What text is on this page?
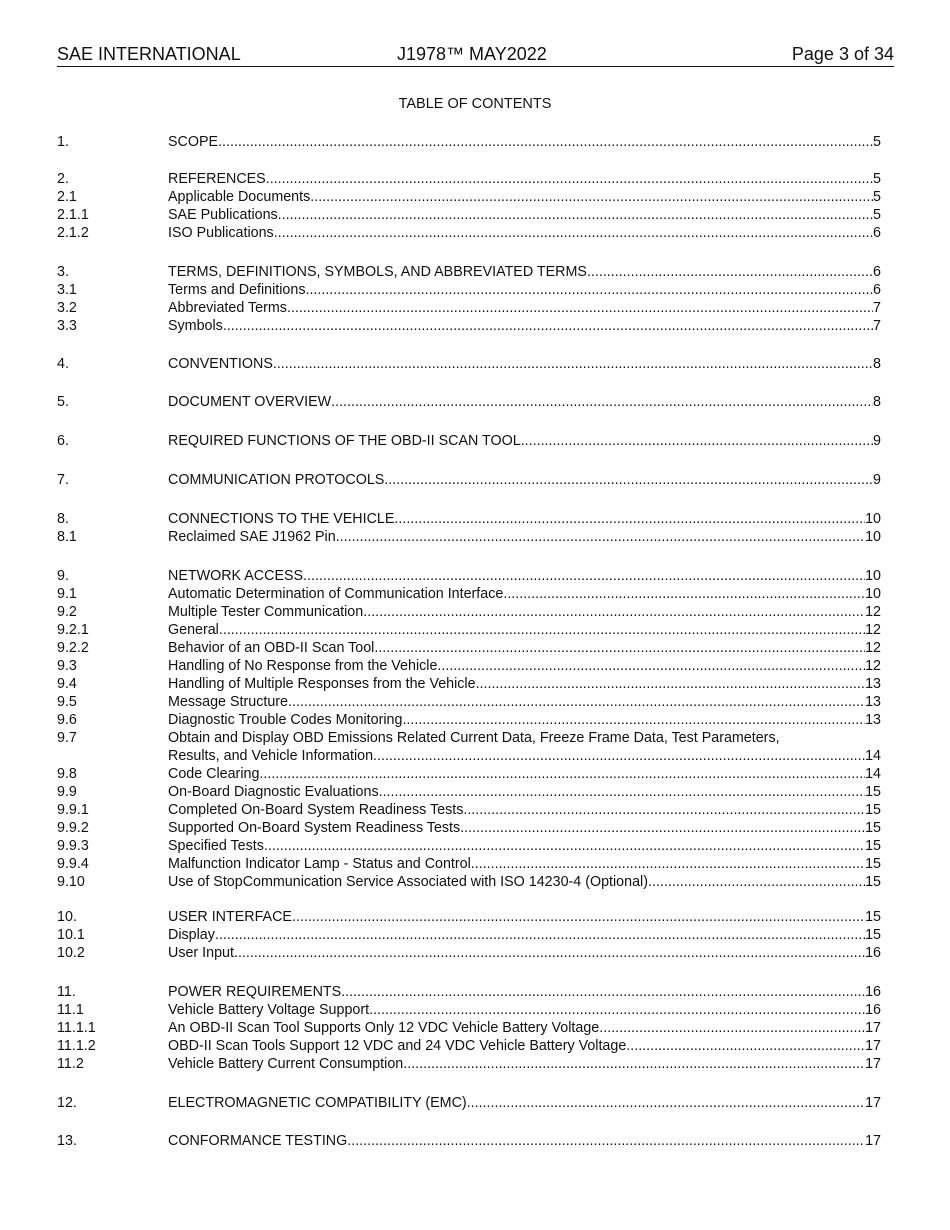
SAE INTERNATIONAL	J1978™ MAY2022	Page 3 of 34
TABLE OF CONTENTS
1.	SCOPE .....	5
2.	REFERENCES .....	5
2.1	Applicable Documents .....	5
2.1.1	SAE Publications .....	5
2.1.2	ISO Publications .....	6
3.	TERMS, DEFINITIONS, SYMBOLS, AND ABBREVIATED TERMS .....	6
3.1	Terms and Definitions .....	6
3.2	Abbreviated Terms .....	7
3.3	Symbols .....	7
4.	CONVENTIONS .....	8
5.	DOCUMENT OVERVIEW .....	8
6.	REQUIRED FUNCTIONS OF THE OBD-II SCAN TOOL .....	9
7.	COMMUNICATION PROTOCOLS .....	9
8.	CONNECTIONS TO THE VEHICLE .....	10
8.1	Reclaimed SAE J1962 Pin .....	10
9.	NETWORK ACCESS .....	10
9.1	Automatic Determination of Communication Interface .....	10
9.2	Multiple Tester Communication .....	12
9.2.1	General .....	12
9.2.2	Behavior of an OBD-II Scan Tool .....	12
9.3	Handling of No Response from the Vehicle .....	12
9.4	Handling of Multiple Responses from the Vehicle .....	13
9.5	Message Structure .....	13
9.6	Diagnostic Trouble Codes Monitoring .....	13
9.7	Obtain and Display OBD Emissions Related Current Data, Freeze Frame Data, Test Parameters,
Results, and Vehicle Information .....	14
9.8	Code Clearing .....	14
9.9	On-Board Diagnostic Evaluations .....	15
9.9.1	Completed On-Board System Readiness Tests .....	15
9.9.2	Supported On-Board System Readiness Tests .....	15
9.9.3	Specified Tests .....	15
9.9.4	Malfunction Indicator Lamp - Status and Control .....	15
9.10	Use of StopCommunication Service Associated with ISO 14230-4 (Optional) .....	15
10.	USER INTERFACE .....	15
10.1	Display .....	15
10.2	User Input .....	16
11.	POWER REQUIREMENTS .....	16
11.1	Vehicle Battery Voltage Support .....	16
11.1.1	An OBD-II Scan Tool Supports Only 12 VDC Vehicle Battery Voltage .....	17
11.1.2	OBD-II Scan Tools Support 12 VDC and 24 VDC Vehicle Battery Voltage .....	17
11.2	Vehicle Battery Current Consumption .....	17
12.	ELECTROMAGNETIC COMPATIBILITY (EMC) .....	17
13.	CONFORMANCE TESTING .....	17
